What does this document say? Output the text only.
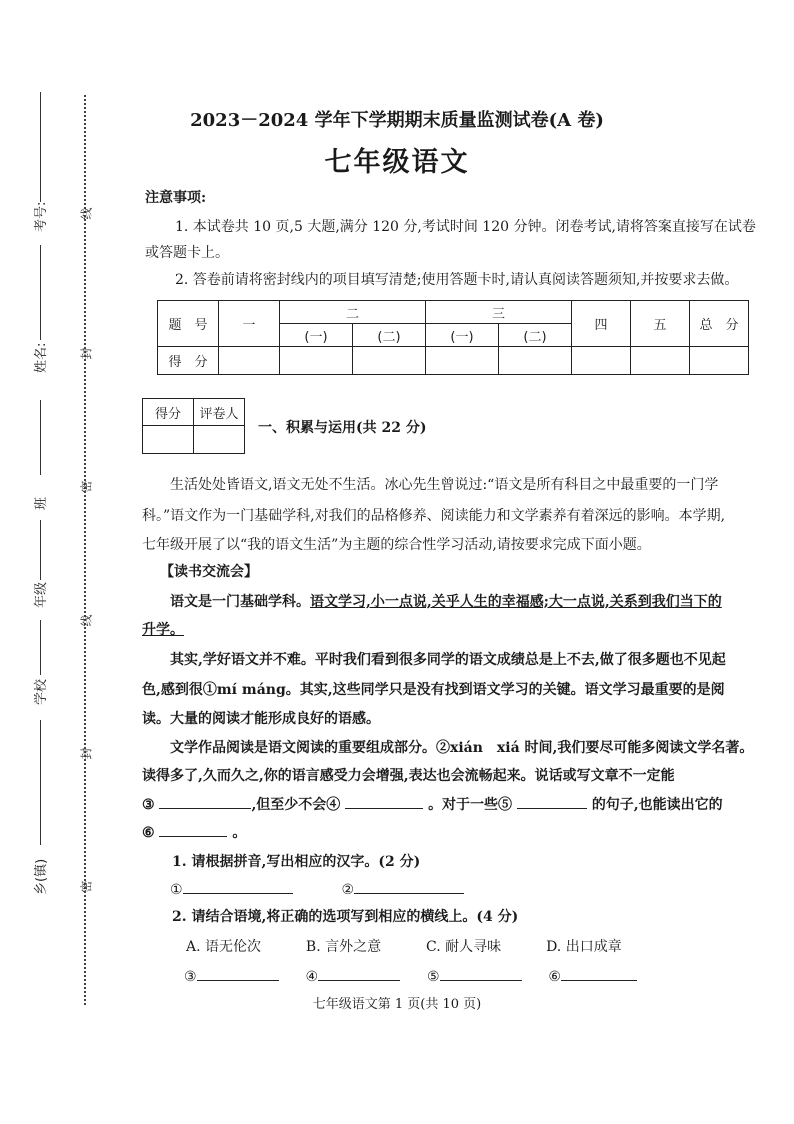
考号:
姓名:
班
年级
学校
乡(镇)
线
封
密
线
封
密
2023－2024 学年下学期期末质量监测试卷(A 卷)
七年级语文
注意事项:
1. 本试卷共 10 页,5 大题,满分 120 分,考试时间 120 分钟。闭卷考试,请将答案直接写在试卷
或答题卡上。
2. 答卷前请将密封线内的项目填写清楚;使用答题卡时,请认真阅读答题须知,并按要求去做。
题　号	一	二		三		四	五	总　分
		(一)	(二)	(一)	(二)			
得　分								
得分	评卷人

一、积累与运用(共 22 分)
生活处处皆语文,语文无处不生活。冰心先生曾说过:“语文是所有科目之中最重要的一门学
科。”语文作为一门基础学科,对我们的品格修养、阅读能力和文学素养有着深远的影响。本学期,
七年级开展了以“我的语文生活”为主题的综合性学习活动,请按要求完成下面小题。
【读书交流会】
语文是一门基础学科。语文学习,小一点说,关乎人生的幸福感;大一点说,关系到我们当下的
升学。
其实,学好语文并不难。平时我们看到很多同学的语文成绩总是上不去,做了很多题也不见起
色,感到很①mí máng。其实,这些同学只是没有找到语文学习的关键。语文学习最重要的是阅
读。大量的阅读才能形成良好的语感。
文学作品阅读是语文阅读的重要组成部分。②xián　xiá 时间,我们要尽可能多阅读文学名著。
读得多了,久而久之,你的语言感受力会增强,表达也会流畅起来。说话或写文章不一定能
③	,但至少不会④	。对于一些⑤	的句子,也能读出它的
⑥	。
1. 请根据拼音,写出相应的汉字。(2 分)
①	②
2. 请结合语境,将正确的选项写到相应的横线上。(4 分)
A. 语无伦次	B. 言外之意	C. 耐人寻味	D. 出口成章
③	④	⑤	⑥
七年级语文第 1 页(共 10 页)
